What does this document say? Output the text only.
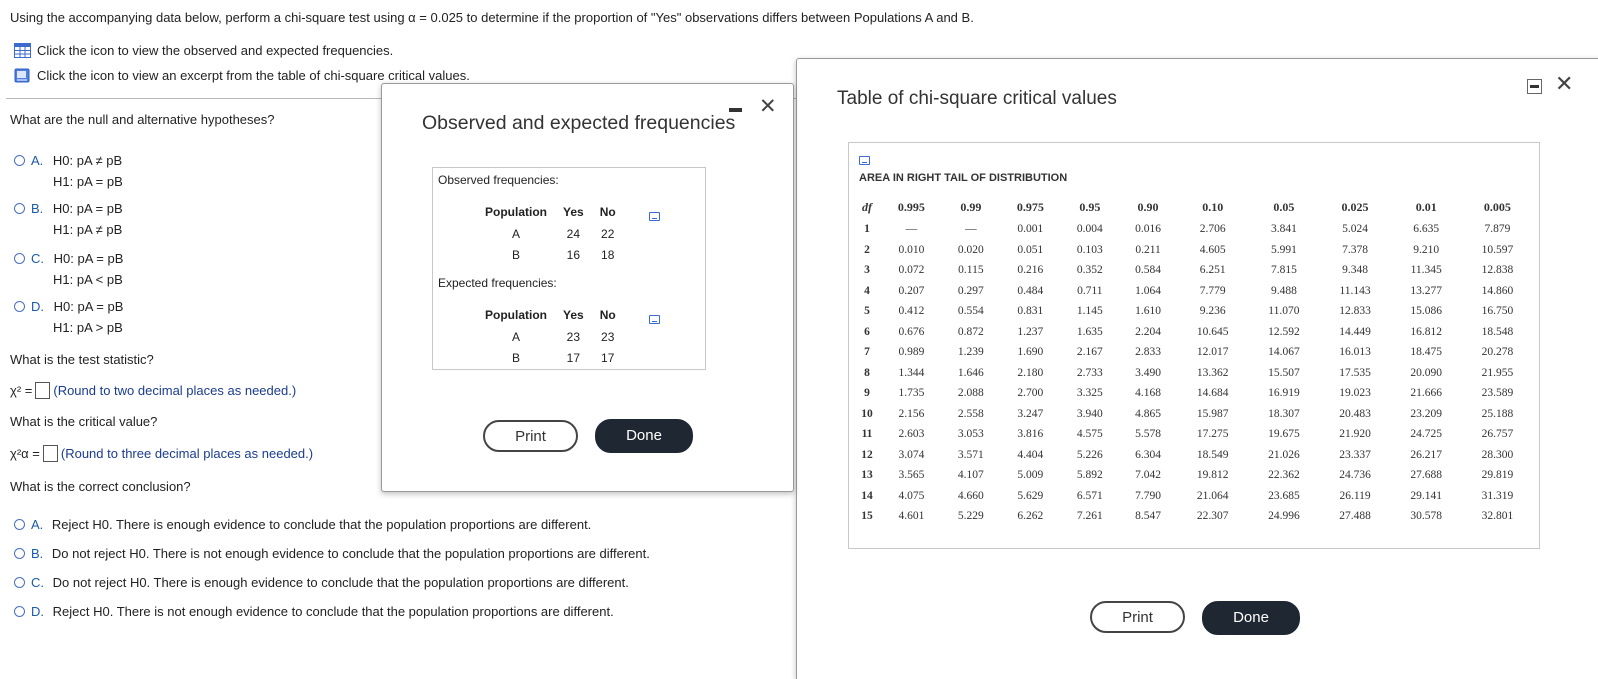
Using the accompanying data below, perform a chi-square test using α = 0.025 to determine if the proportion of "Yes" observations differs between Populations A and B.
Click the icon to view the observed and expected frequencies.
Click the icon to view an excerpt from the table of chi-square critical values.
What are the null and alternative hypotheses?
A. H0: pA ≠ pB
H1: pA = pB
B. H0: pA = pB
H1: pA ≠ pB
C. H0: pA = pB
H1: pA < pB
D. H0: pA = pB
H1: pA > pB
What is the test statistic?
χ² = (Round to two decimal places as needed.)
What is the critical value?
χ²α = (Round to three decimal places as needed.)
What is the correct conclusion?
A. Reject H0. There is enough evidence to conclude that the population proportions are different.
B. Do not reject H0. There is not enough evidence to conclude that the population proportions are different.
C. Do not reject H0. There is enough evidence to conclude that the population proportions are different.
D. Reject H0. There is not enough evidence to conclude that the population proportions are different.
Table of chi-square critical values
✕
AREA IN RIGHT TAIL OF DISTRIBUTION
df	0.995	0.99	0.975	0.95	0.90	0.10	0.05	0.025	0.01	0.005
1	—	—	0.001	0.004	0.016	2.706	3.841	5.024	6.635	7.879
2	0.010	0.020	0.051	0.103	0.211	4.605	5.991	7.378	9.210	10.597
3	0.072	0.115	0.216	0.352	0.584	6.251	7.815	9.348	11.345	12.838
4	0.207	0.297	0.484	0.711	1.064	7.779	9.488	11.143	13.277	14.860
5	0.412	0.554	0.831	1.145	1.610	9.236	11.070	12.833	15.086	16.750
6	0.676	0.872	1.237	1.635	2.204	10.645	12.592	14.449	16.812	18.548
7	0.989	1.239	1.690	2.167	2.833	12.017	14.067	16.013	18.475	20.278
8	1.344	1.646	2.180	2.733	3.490	13.362	15.507	17.535	20.090	21.955
9	1.735	2.088	2.700	3.325	4.168	14.684	16.919	19.023	21.666	23.589
10	2.156	2.558	3.247	3.940	4.865	15.987	18.307	20.483	23.209	25.188
11	2.603	3.053	3.816	4.575	5.578	17.275	19.675	21.920	24.725	26.757
12	3.074	3.571	4.404	5.226	6.304	18.549	21.026	23.337	26.217	28.300
13	3.565	4.107	5.009	5.892	7.042	19.812	22.362	24.736	27.688	29.819
14	4.075	4.660	5.629	6.571	7.790	21.064	23.685	26.119	29.141	31.319
15	4.601	5.229	6.262	7.261	8.547	22.307	24.996	27.488	30.578	32.801
Print	Done
Observed and expected frequencies
✕
Observed frequencies:
Population	Yes	No
A	24	22
B	16	18
Expected frequencies:
Population	Yes	No
A	23	23
B	17	17
Print	Done
